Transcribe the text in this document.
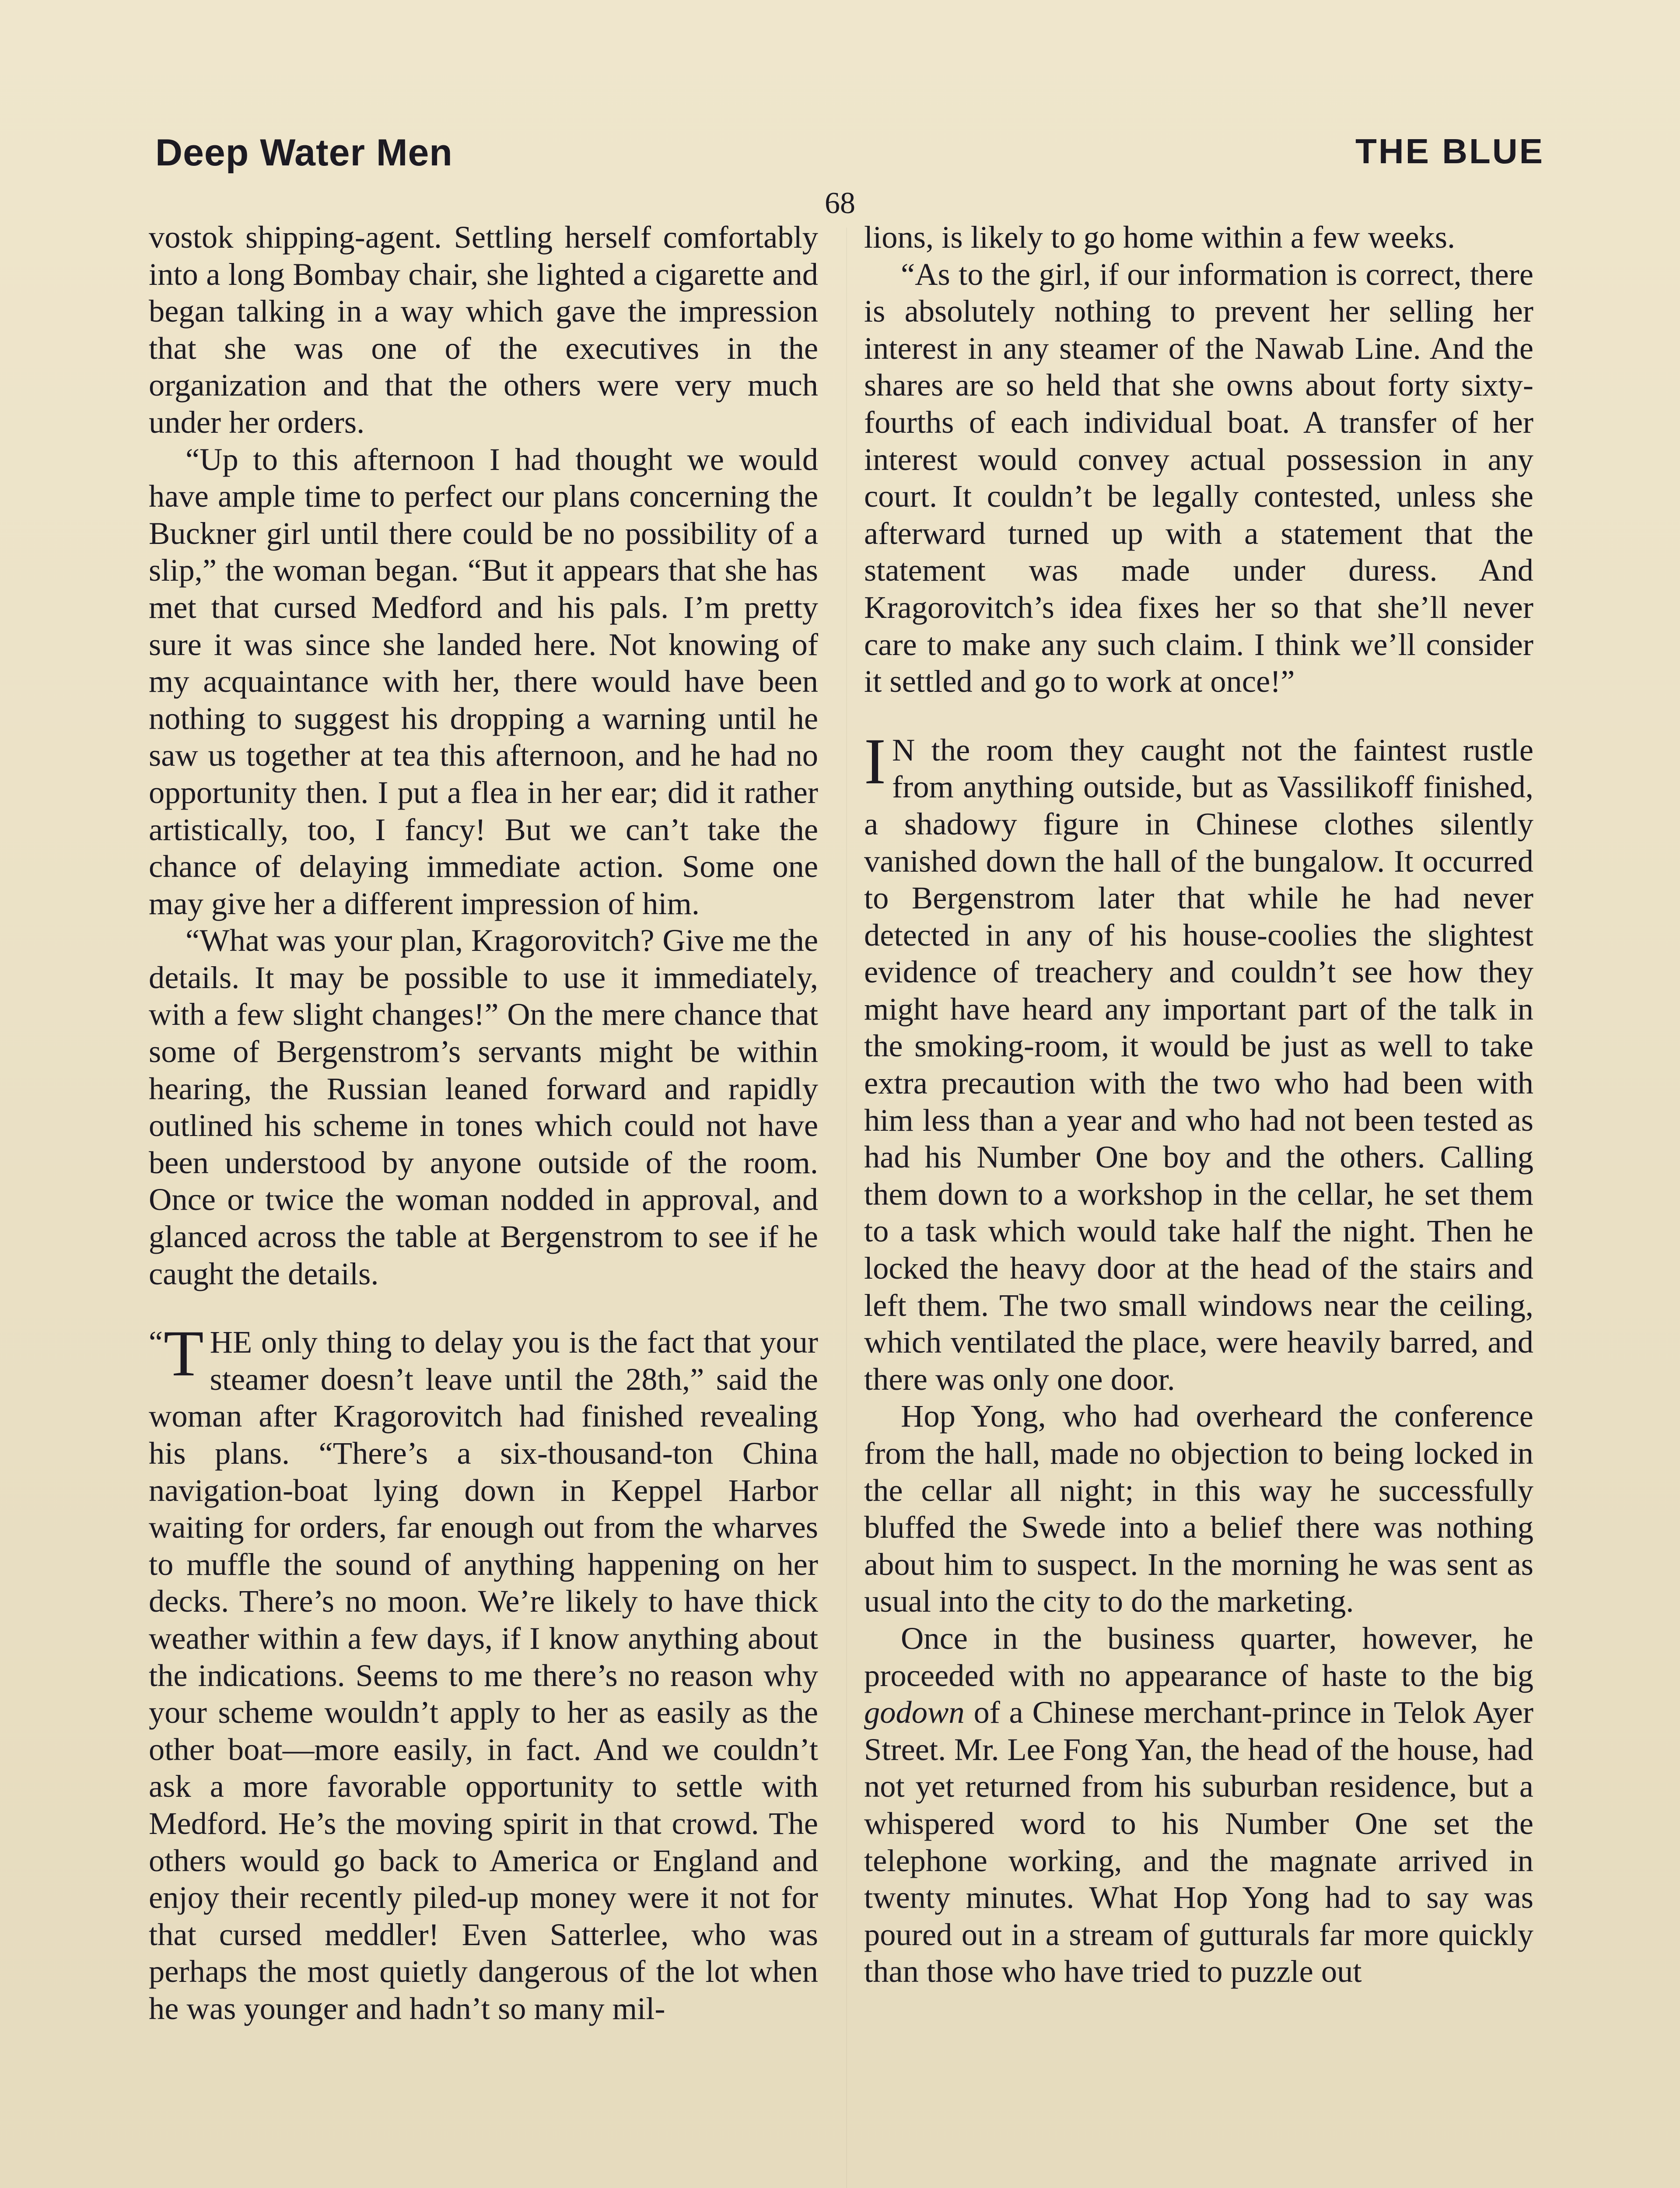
Deep Water Men	THE BLUE
68

vostok shipping-agent. Settling herself comfortably into a long Bombay chair, she lighted a cigarette and began talking in a way which gave the impression that she was one of the executives in the organization and that the others were very much under her orders.

“Up to this afternoon I had thought we would have ample time to perfect our plans concerning the Buckner girl until there could be no possibility of a slip,” the woman began. “But it appears that she has met that cursed Medford and his pals. I’m pretty sure it was since she landed here. Not knowing of my acquaintance with her, there would have been nothing to suggest his dropping a warning until he saw us together at tea this afternoon, and he had no opportunity then. I put a flea in her ear; did it rather artistically, too, I fancy! But we can’t take the chance of delaying immediate action. Some one may give her a different impression of him.

“What was your plan, Kragorovitch? Give me the details. It may be possible to use it immediately, with a few slight changes!” On the mere chance that some of Bergenstrom’s servants might be within hearing, the Russian leaned forward and rapidly outlined his scheme in tones which could not have been understood by anyone outside of the room. Once or twice the woman nodded in approval, and glanced across the table at Bergenstrom to see if he caught the details.

“ T HE only thing to delay you is the fact that your steamer doesn’t leave until the 28th,” said the woman after Kragorovitch had finished revealing his plans. “There’s a six-thousand-ton China navigation-boat lying down in Keppel Harbor waiting for orders, far enough out from the wharves to muffle the sound of anything happening on her decks. There’s no moon. We’re likely to have thick weather within a few days, if I know anything about the indications. Seems to me there’s no reason why your scheme wouldn’t apply to her as easily as the other boat—more easily, in fact. And we couldn’t ask a more favorable opportunity to settle with Medford. He’s the moving spirit in that crowd. The others would go back to America or England and enjoy their recently piled-up money were it not for that cursed meddler! Even Satterlee, who was perhaps the most quietly dangerous of the lot when he was younger and hadn’t so many mil-

lions, is likely to go home within a few weeks.

“As to the girl, if our information is correct, there is absolutely nothing to prevent her selling her interest in any steamer of the Nawab Line. And the shares are so held that she owns about forty sixty-fourths of each individual boat. A transfer of her interest would convey actual possession in any court. It couldn’t be legally contested, unless she afterward turned up with a statement that the statement was made under duress. And Kragorovitch’s idea fixes her so that she’ll never care to make any such claim. I think we’ll consider it settled and go to work at once!”

I N the room they caught not the faintest rustle from anything outside, but as Vassilikoff finished, a shadowy figure in Chinese clothes silently vanished down the hall of the bungalow. It occurred to Bergenstrom later that while he had never detected in any of his house-coolies the slightest evidence of treachery and couldn’t see how they might have heard any important part of the talk in the smoking-room, it would be just as well to take extra precaution with the two who had been with him less than a year and who had not been tested as had his Number One boy and the others. Calling them down to a workshop in the cellar, he set them to a task which would take half the night. Then he locked the heavy door at the head of the stairs and left them. The two small windows near the ceiling, which ventilated the place, were heavily barred, and there was only one door.

Hop Yong, who had overheard the conference from the hall, made no objection to being locked in the cellar all night; in this way he successfully bluffed the Swede into a belief there was nothing about him to suspect. In the morning he was sent as usual into the city to do the marketing.

Once in the business quarter, however, he proceeded with no appearance of haste to the big godown of a Chinese merchant-prince in Telok Ayer Street. Mr. Lee Fong Yan, the head of the house, had not yet returned from his suburban residence, but a whispered word to his Number One set the telephone working, and the magnate arrived in twenty minutes. What Hop Yong had to say was poured out in a stream of gutturals far more quickly than those who have tried to puzzle out
